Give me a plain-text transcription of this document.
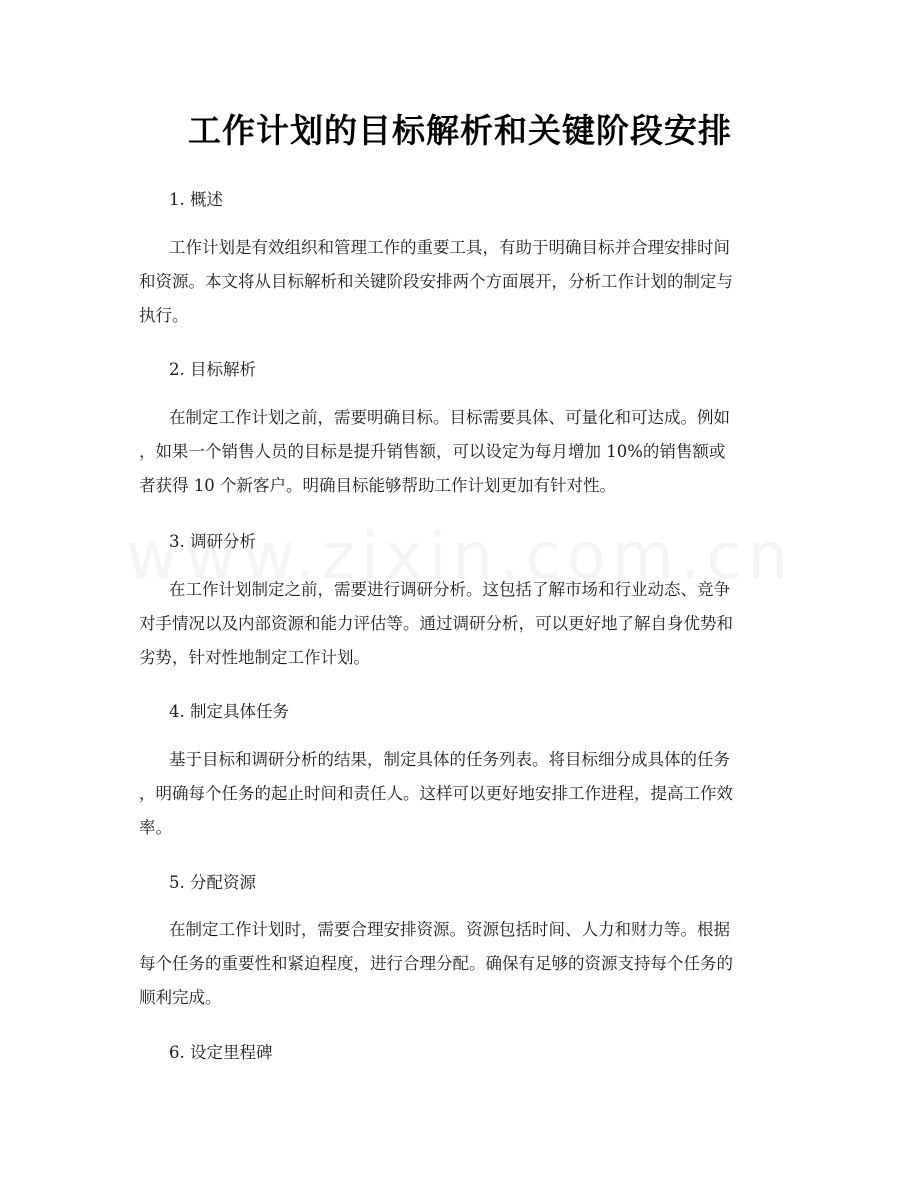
工作计划的目标解析和关键阶段安排
1. 概述
工作计划是有效组织和管理工作的重要工具，有助于明确目标并合理安排时间
和资源。本文将从目标解析和关键阶段安排两个方面展开，分析工作计划的制定与
执行。
2. 目标解析
在制定工作计划之前，需要明确目标。目标需要具体、可量化和可达成。例如
，如果一个销售人员的目标是提升销售额，可以设定为每月增加 10%的销售额或
者获得 10 个新客户。明确目标能够帮助工作计划更加有针对性。
3. 调研分析
在工作计划制定之前，需要进行调研分析。这包括了解市场和行业动态、竞争
对手情况以及内部资源和能力评估等。通过调研分析，可以更好地了解自身优势和
劣势，针对性地制定工作计划。
4. 制定具体任务
基于目标和调研分析的结果，制定具体的任务列表。将目标细分成具体的任务
，明确每个任务的起止时间和责任人。这样可以更好地安排工作进程，提高工作效
率。
5. 分配资源
在制定工作计划时，需要合理安排资源。资源包括时间、人力和财力等。根据
每个任务的重要性和紧迫程度，进行合理分配。确保有足够的资源支持每个任务的
顺利完成。
6. 设定里程碑
